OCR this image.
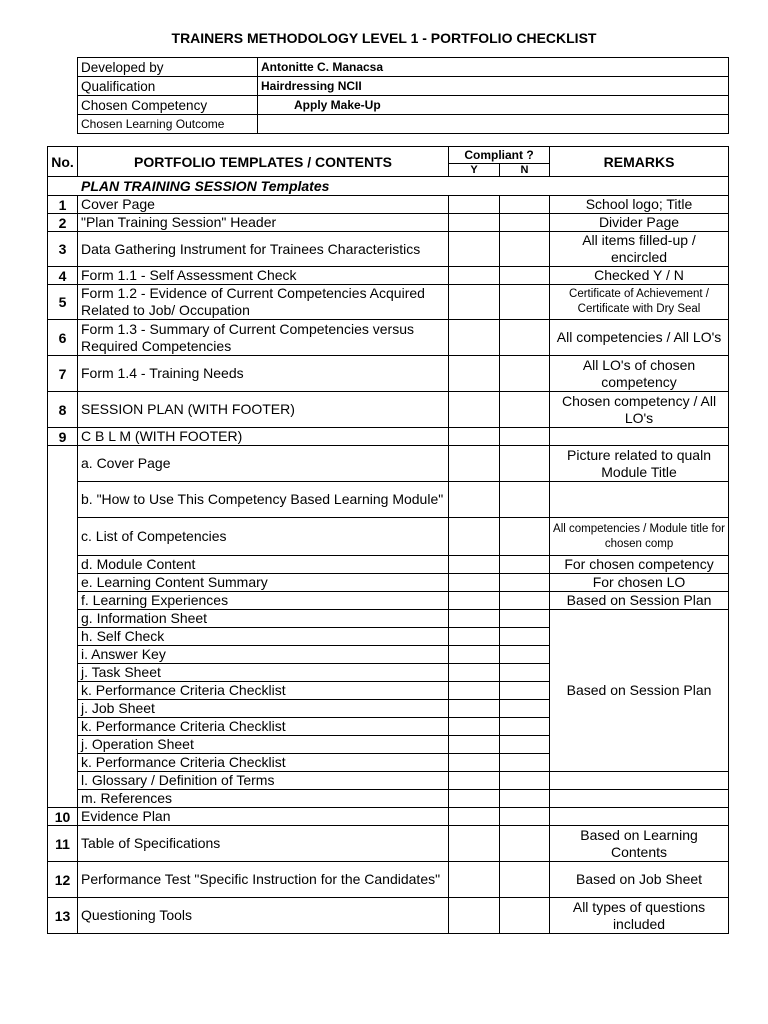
TRAINERS METHODOLOGY LEVEL 1 - PORTFOLIO CHECKLIST
Developed by	Antonitte C. Manacsa
Qualification	Hairdressing NCII
Chosen Competency	Apply Make-Up
Chosen Learning Outcome	
No.	PORTFOLIO TEMPLATES / CONTENTS	Compliant ?		REMARKS
		Y	N	
PLAN TRAINING SESSION Templates				
1	Cover Page			School logo; Title
2	"Plan Training Session" Header			Divider Page
3	Data Gathering Instrument for Trainees Characteristics			All items filled-up / encircled
4	Form 1.1 - Self Assessment Check			Checked Y / N
5	Form 1.2 - Evidence of Current Competencies Acquired Related to Job/ Occupation			Certificate of Achievement / Certificate with Dry Seal
6	Form 1.3 - Summary of Current Competencies versus Required Competencies			All competencies / All LO's
7	Form 1.4 - Training Needs			All LO's of chosen competency
8	SESSION PLAN (WITH FOOTER)			Chosen competency / All LO's
9	C B L M (WITH FOOTER)			
	a. Cover Page			Picture related to qualn Module Title
	b. "How to Use This Competency Based Learning Module"			
	c. List of Competencies			All competencies / Module title for chosen comp
	d. Module Content			For chosen competency
	e. Learning Content Summary			For chosen LO
	f. Learning Experiences			Based on Session Plan
	g. Information Sheet			Based on Session Plan
	h. Self Check			
	i. Answer Key			
	j. Task Sheet			
	k. Performance Criteria Checklist			
	j. Job Sheet			
	k. Performance Criteria Checklist			
	j. Operation Sheet			
	k. Performance Criteria Checklist			
	l. Glossary / Definition of Terms			
	m. References			
10	Evidence Plan			
11	Table of Specifications			Based on Learning Contents
12	Performance Test "Specific Instruction for the Candidates"			Based on Job Sheet
13	Questioning Tools			All types of questions included
